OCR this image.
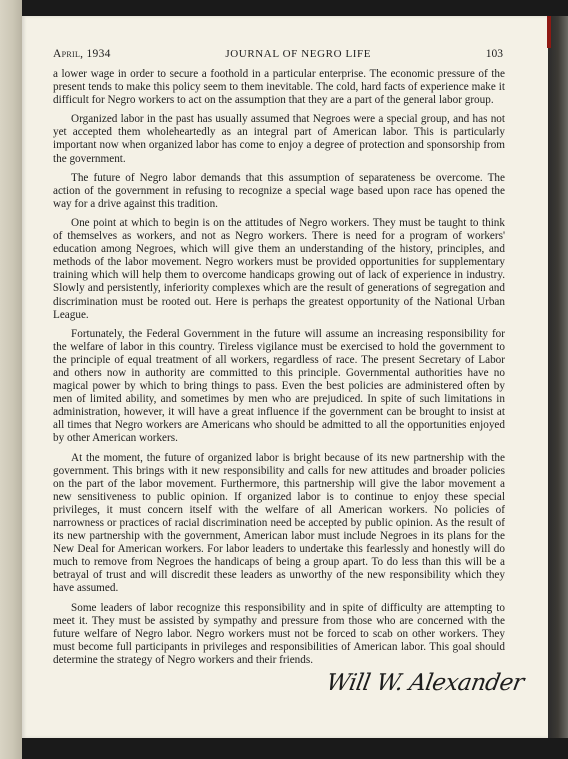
April, 1934	JOURNAL OF NEGRO LIFE	103

a lower wage in order to secure a foothold in a particular enterprise. The economic pressure of the present tends to make this policy seem to them inevitable. The cold, hard facts of experience make it difficult for Negro workers to act on the assumption that they are a part of the general labor group.

Organized labor in the past has usually assumed that Negroes were a special group, and has not yet accepted them wholeheartedly as an integral part of American labor. This is particularly important now when organized labor has come to enjoy a degree of protection and sponsorship from the government.

The future of Negro labor demands that this assumption of separateness be overcome. The action of the government in refusing to recognize a special wage based upon race has opened the way for a drive against this tradition.

One point at which to begin is on the attitudes of Negro workers. They must be taught to think of themselves as workers, and not as Negro workers. There is need for a program of workers' education among Negroes, which will give them an understanding of the history, principles, and methods of the labor movement. Negro workers must be provided opportunities for supplementary training which will help them to overcome handicaps growing out of lack of experience in industry. Slowly and persistently, inferiority complexes which are the result of generations of segregation and discrimination must be rooted out. Here is perhaps the greatest opportunity of the National Urban League.

Fortunately, the Federal Government in the future will assume an increasing responsibility for the welfare of labor in this country. Tireless vigilance must be exercised to hold the government to the principle of equal treatment of all workers, regardless of race. The present Secretary of Labor and others now in authority are committed to this principle. Governmental authorities have no magical power by which to bring things to pass. Even the best policies are administered often by men of limited ability, and sometimes by men who are prejudiced. In spite of such limitations in administration, however, it will have a great influence if the government can be brought to insist at all times that Negro workers are Americans who should be admitted to all the opportunities enjoyed by other American workers.

At the moment, the future of organized labor is bright because of its new partnership with the government. This brings with it new responsibility and calls for new attitudes and broader policies on the part of the labor movement. Furthermore, this partnership will give the labor movement a new sensitiveness to public opinion. If organized labor is to continue to enjoy these special privileges, it must concern itself with the welfare of all American workers. No policies of narrowness or practices of racial discrimination need be accepted by public opinion. As the result of its new partnership with the government, American labor must include Negroes in its plans for the New Deal for American workers. For labor leaders to undertake this fearlessly and honestly will do much to remove from Negroes the handicaps of being a group apart. To do less than this will be a betrayal of trust and will discredit these leaders as unworthy of the new responsibility which they have assumed.

Some leaders of labor recognize this responsibility and in spite of difficulty are attempting to meet it. They must be assisted by sympathy and pressure from those who are concerned with the future welfare of Negro labor. Negro workers must not be forced to scab on other workers. They must become full participants in privileges and responsibilities of American labor. This goal should determine the strategy of Negro workers and their friends.

Will W. Alexander
